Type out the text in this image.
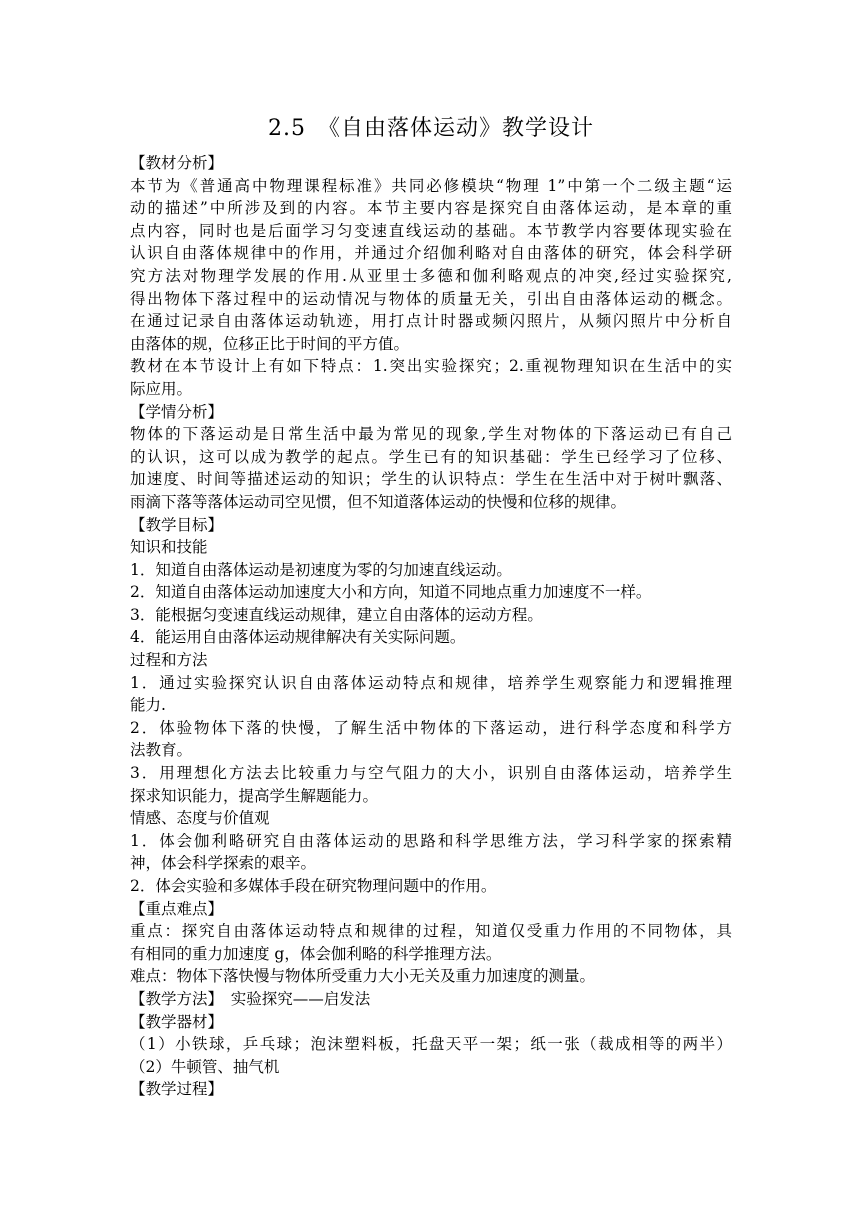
2.5　《自由落体运动》教学设计
【教材分析】
本节为《普通高中物理课程标准》共同必修模块“物理 1”中第一个二级主题“运
动的描述”中所涉及到的内容。本节主要内容是探究自由落体运动，是本章的重
点内容，同时也是后面学习匀变速直线运动的基础。本节教学内容要体现实验在
认识自由落体规律中的作用，并通过介绍伽利略对自由落体的研究，体会科学研
究方法对物理学发展的作用.从亚里士多德和伽利略观点的冲突,经过实验探究,
得出物体下落过程中的运动情况与物体的质量无关，引出自由落体运动的概念。
在通过记录自由落体运动轨迹，用打点计时器或频闪照片，从频闪照片中分析自
由落体的规，位移正比于时间的平方值。
教材在本节设计上有如下特点：1.突出实验探究；2.重视物理知识在生活中的实
际应用。
【学情分析】
物体的下落运动是日常生活中最为常见的现象,学生对物体的下落运动已有自己
的认识，这可以成为教学的起点。学生已有的知识基础：学生已经学习了位移、
加速度、时间等描述运动的知识；学生的认识特点：学生在生活中对于树叶飘落、
雨滴下落等落体运动司空见惯，但不知道落体运动的快慢和位移的规律。
【教学目标】
知识和技能
1．知道自由落体运动是初速度为零的匀加速直线运动。
2．知道自由落体运动加速度大小和方向，知道不同地点重力加速度不一样。
3．能根据匀变速直线运动规律，建立自由落体的运动方程。
4．能运用自由落体运动规律解决有关实际问题。
过程和方法
1．通过实验探究认识自由落体运动特点和规律，培养学生观察能力和逻辑推理
能力.
2．体验物体下落的快慢，了解生活中物体的下落运动，进行科学态度和科学方
法教育。
3．用理想化方法去比较重力与空气阻力的大小，识别自由落体运动，培养学生
探求知识能力，提高学生解题能力。
情感、态度与价值观
1．体会伽利略研究自由落体运动的思路和科学思维方法，学习科学家的探索精
神，体会科学探索的艰辛。
2．体会实验和多媒体手段在研究物理问题中的作用。
【重点难点】
重点：探究自由落体运动特点和规律的过程，知道仅受重力作用的不同物体，具
有相同的重力加速度 g，体会伽利略的科学推理方法。
难点：物体下落快慢与物体所受重力大小无关及重力加速度的测量。
【教学方法】　实验探究——启发法
【教学器材】
（1）小铁球，乒乓球；泡沫塑料板，托盘天平一架；纸一张（裁成相等的两半）
（2）牛顿管、抽气机
【教学过程】
